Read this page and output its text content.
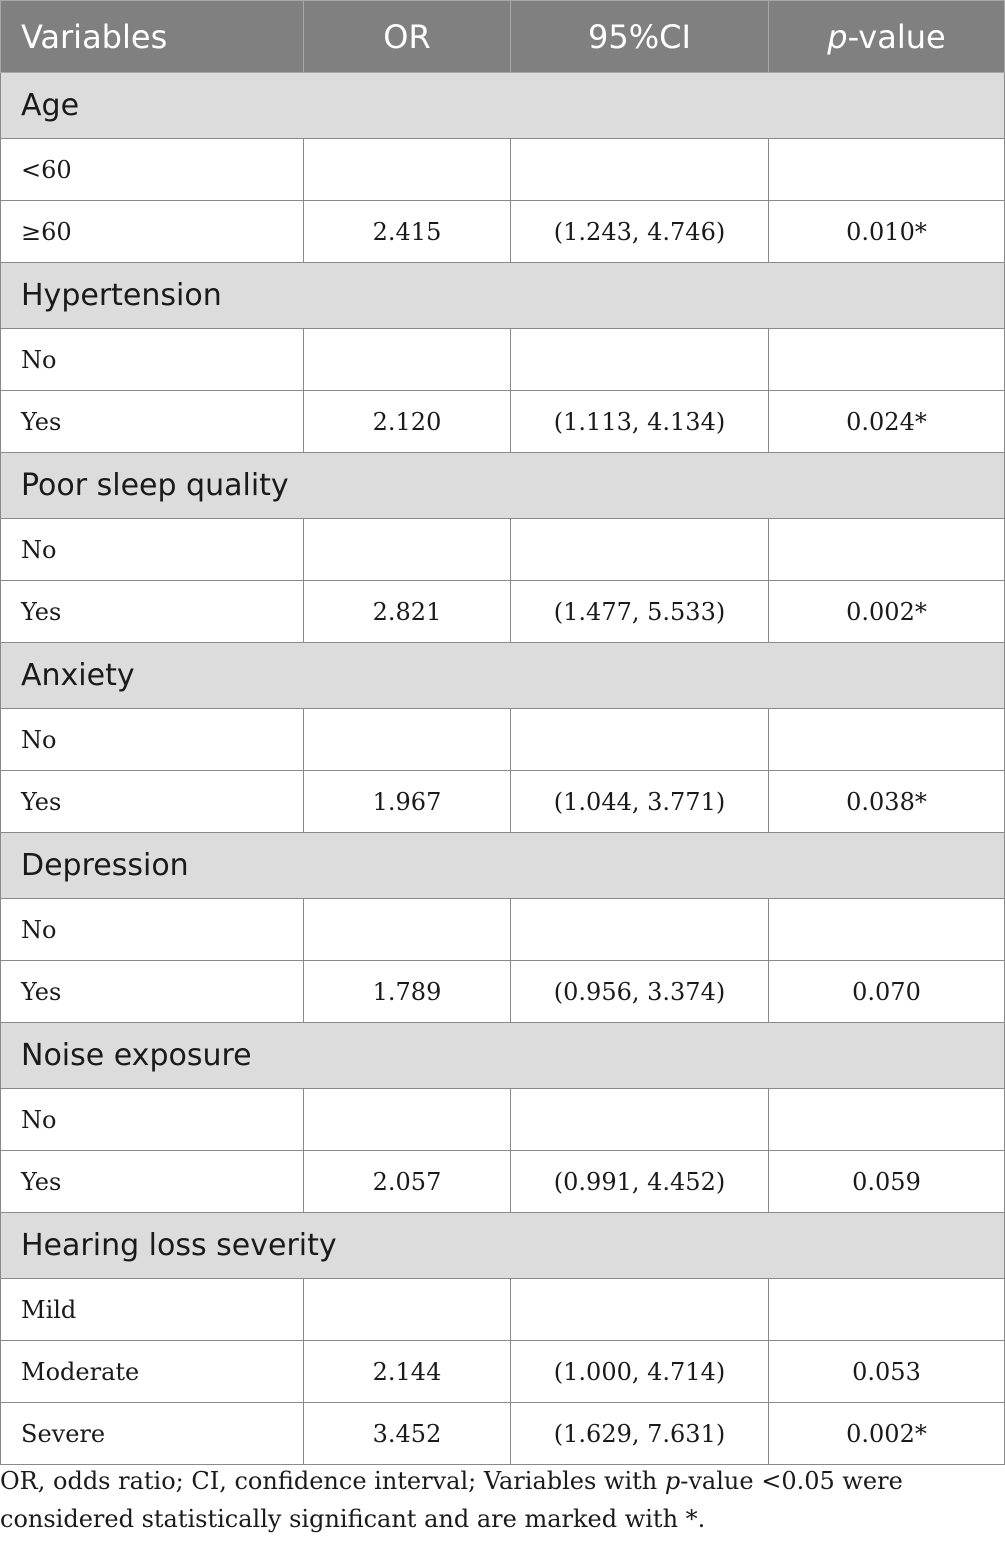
Variables	OR	95%CI	p-value
Age			
<60			
≥60	2.415	(1.243, 4.746)	0.010*
Hypertension			
No			
Yes	2.120	(1.113, 4.134)	0.024*
Poor sleep quality			
No			
Yes	2.821	(1.477, 5.533)	0.002*
Anxiety			
No			
Yes	1.967	(1.044, 3.771)	0.038*
Depression			
No			
Yes	1.789	(0.956, 3.374)	0.070
Noise exposure			
No			
Yes	2.057	(0.991, 4.452)	0.059
Hearing loss severity			
Mild			
Moderate	2.144	(1.000, 4.714)	0.053
Severe	3.452	(1.629, 7.631)	0.002*
OR, odds ratio; CI, confidence interval; Variables with p-value <0.05 were considered statistically significant and are marked with *.
